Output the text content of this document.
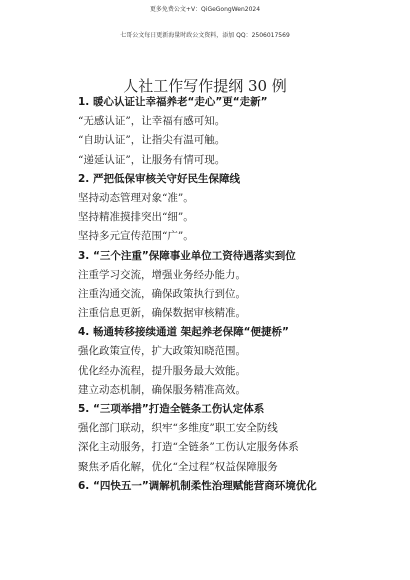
更多免费公文+V：QiGeGongWen2024
七哥公文每日更新海量时政公文资料，添加 QQ：2506017569
人社工作写作提纲 30 例
1. 暖心认证让幸福养老“走心”更“走新”
“无感认证”，让幸福有感可知。
“自助认证”，让指尖有温可触。
“递延认证”，让服务有情可现。
2. 严把低保审核关守好民生保障线
坚持动态管理对象“准”。
坚持精准摸排突出“细”。
坚持多元宣传范围“广”。
3. “三个注重”保障事业单位工资待遇落实到位
注重学习交流，增强业务经办能力。
注重沟通交流，确保政策执行到位。
注重信息更新，确保数据审核精准。
4. 畅通转移接续通道 架起养老保障“便捷桥”
强化政策宣传，扩大政策知晓范围。
优化经办流程，提升服务最大效能。
建立动态机制，确保服务精准高效。
5. “三项举措”打造全链条工伤认定体系
强化部门联动，织牢“多维度”职工安全防线
深化主动服务，打造“全链条”工伤认定服务体系
聚焦矛盾化解，优化“全过程”权益保障服务
6. “四快五一”调解机制柔性治理赋能营商环境优化
